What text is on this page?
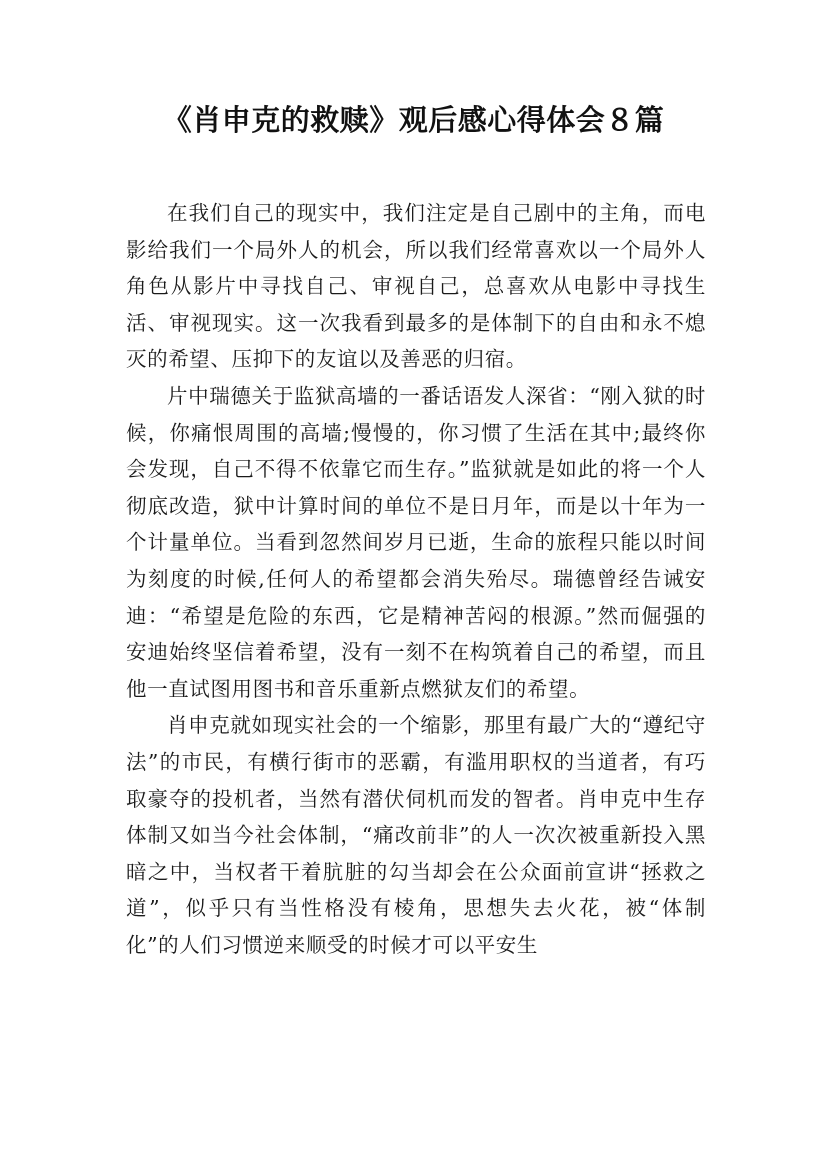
《肖申克的救赎》观后感心得体会８篇

在我们自己的现实中，我们注定是自己剧中的主角，而电影给我们一个局外人的机会，所以我们经常喜欢以一个局外人角色从影片中寻找自己、审视自己，总喜欢从电影中寻找生活、审视现实。这一次我看到最多的是体制下的自由和永不熄灭的希望、压抑下的友谊以及善恶的归宿。

片中瑞德关于监狱高墙的一番话语发人深省：“刚入狱的时候，你痛恨周围的高墙;慢慢的，你习惯了生活在其中;最终你会发现，自己不得不依靠它而生存。”监狱就是如此的将一个人彻底改造，狱中计算时间的单位不是日月年，而是以十年为一个计量单位。当看到忽然间岁月已逝，生命的旅程只能以时间为刻度的时候,任何人的希望都会消失殆尽。瑞德曾经告诫安迪：“希望是危险的东西，它是精神苦闷的根源。”然而倔强的安迪始终坚信着希望，没有一刻不在构筑着自己的希望，而且他一直试图用图书和音乐重新点燃狱友们的希望。

肖申克就如现实社会的一个缩影，那里有最广大的“遵纪守法”的市民，有横行街市的恶霸，有滥用职权的当道者，有巧取豪夺的投机者，当然有潜伏伺机而发的智者。肖申克中生存体制又如当今社会体制，“痛改前非”的人一次次被重新投入黑暗之中，当权者干着肮脏的勾当却会在公众面前宣讲“拯救之道”，似乎只有当性格没有棱角，思想失去火花，被“体制化”的人们习惯逆来顺受的时候才可以平安生
